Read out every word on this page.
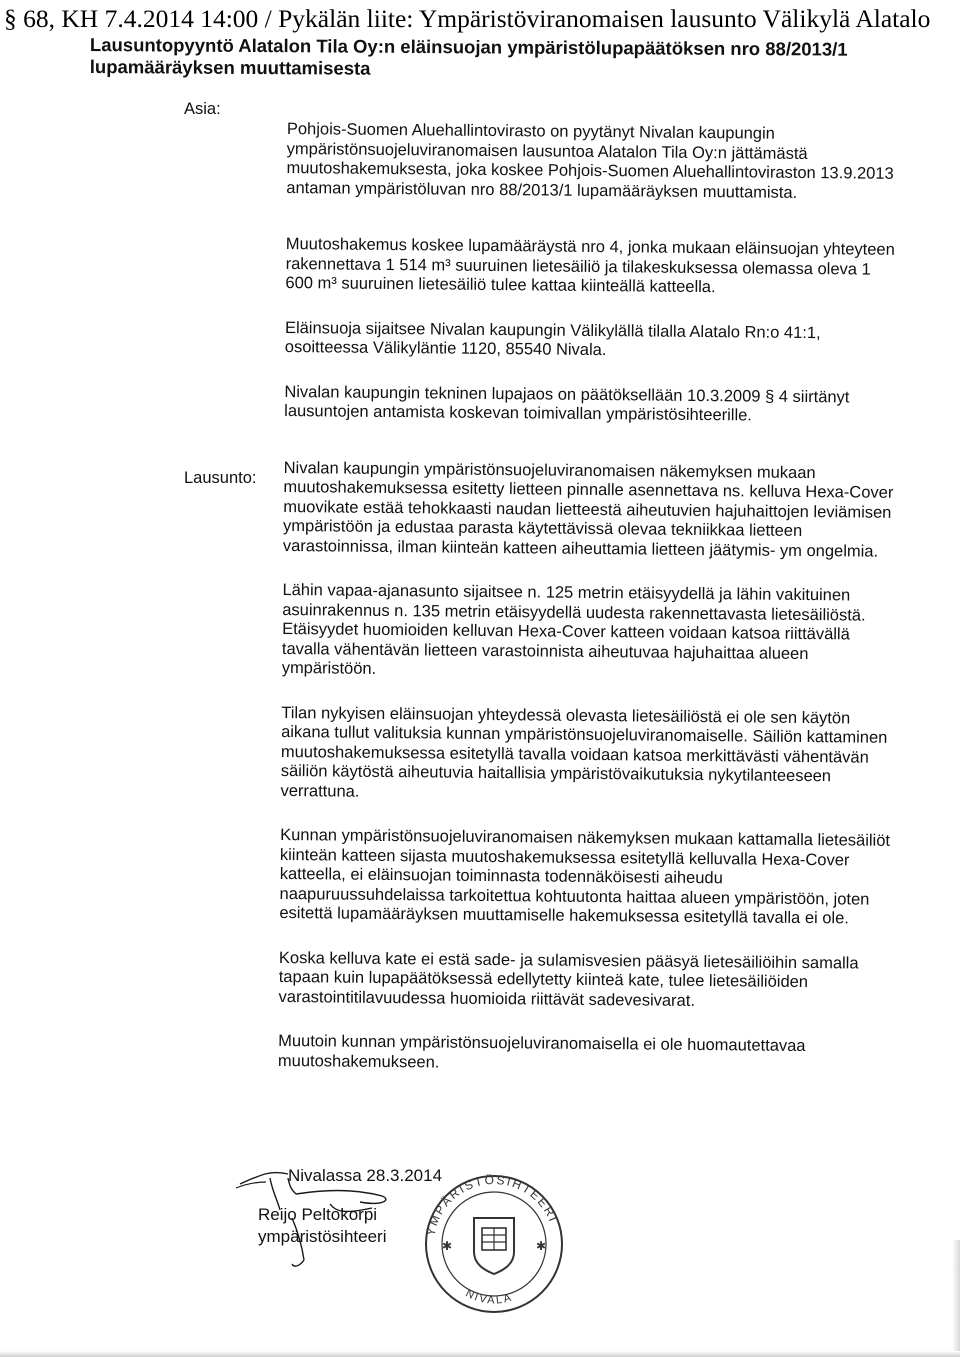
§ 68, KH 7.4.2014 14:00 / Pykälän liite: Ympäristöviranomaisen lausunto Välikylä Alatalo
Lausuntopyyntö Alatalon Tila Oy:n eläinsuojan ympäristölupapäätöksen nro 88/2013/1
lupamääräyksen muuttamisesta
Asia:
Lausunto:

Pohjois-Suomen Aluehallintovirasto on pyytänyt Nivalan kaupungin ympäristönsuojeluviranomaisen lausuntoa Alatalon Tila Oy:n jättämästä muutoshakemuksesta, joka koskee Pohjois-Suomen Aluehallintoviraston 13.9.2013 antaman ympäristöluvan nro 88/2013/1 lupamääräyksen muuttamista.

Muutoshakemus koskee lupamääräystä nro 4, jonka mukaan eläinsuojan yhteyteen rakennettava 1 514 m³ suuruinen lietesäiliö ja tilakeskuksessa olemassa oleva 1 600 m³ suuruinen lietesäiliö tulee kattaa kiinteällä katteella.

Eläinsuoja sijaitsee Nivalan kaupungin Välikylällä tilalla Alatalo Rn:o 41:1, osoitteessa Välikyläntie 1120, 85540 Nivala.

Nivalan kaupungin tekninen lupajaos on päätöksellään 10.3.2009 § 4 siirtänyt lausuntojen antamista koskevan toimivallan ympäristösihteerille.

Nivalan kaupungin ympäristönsuojeluviranomaisen näkemyksen mukaan muutoshakemuksessa esitetty lietteen pinnalle asennettava ns. kelluva Hexa-Cover muovikate estää tehokkaasti naudan lietteestä aiheutuvien hajuhaittojen leviämisen ympäristöön ja edustaa parasta käytettävissä olevaa tekniikkaa lietteen varastoinnissa, ilman kiinteän katteen aiheuttamia lietteen jäätymis- ym ongelmia.

Lähin vapaa-ajanasunto sijaitsee n. 125 metrin etäisyydellä ja lähin vakituinen asuinrakennus n. 135 metrin etäisyydellä uudesta rakennettavasta lietesäiliöstä. Etäisyydet huomioiden kelluvan Hexa-Cover katteen voidaan katsoa riittävällä tavalla vähentävän lietteen varastoinnista aiheutuvaa hajuhaittaa alueen ympäristöön.

Tilan nykyisen eläinsuojan yhteydessä olevasta lietesäiliöstä ei ole sen käytön aikana tullut valituksia kunnan ympäristönsuojeluviranomaiselle. Säiliön kattaminen muutoshakemuksessa esitetyllä tavalla voidaan katsoa merkittävästi vähentävän säiliön käytöstä aiheutuvia haitallisia ympäristövaikutuksia nykytilanteeseen verrattuna.

Kunnan ympäristönsuojeluviranomaisen näkemyksen mukaan kattamalla lietesäiliöt kiinteän katteen sijasta muutoshakemuksessa esitetyllä kelluvalla Hexa-Cover katteella, ei eläinsuojan toiminnasta todennäköisesti aiheudu naapuruussuhdelaissa tarkoitettua kohtuutonta haittaa alueen ympäristöön, joten esitettä lupamääräyksen muuttamiselle hakemuksessa esitetyllä tavalla ei ole.

Koska kelluva kate ei estä sade- ja sulamisvesien pääsyä lietesäiliöihin samalla tapaan kuin lupapäätöksessä edellytetty kiinteä kate, tulee lietesäiliöiden varastointitilavuudessa huomioida riittävät sadevesivarat.

Muutoin kunnan ympäristönsuojeluviranomaisella ei ole huomautettavaa muutoshakemukseen.

Nivalassa 28.3.2014
Reijo Peltokorpi
ympäristösihteeri	YMPÄRISTÖSIHTEERI
NIVALA
✱	✱
